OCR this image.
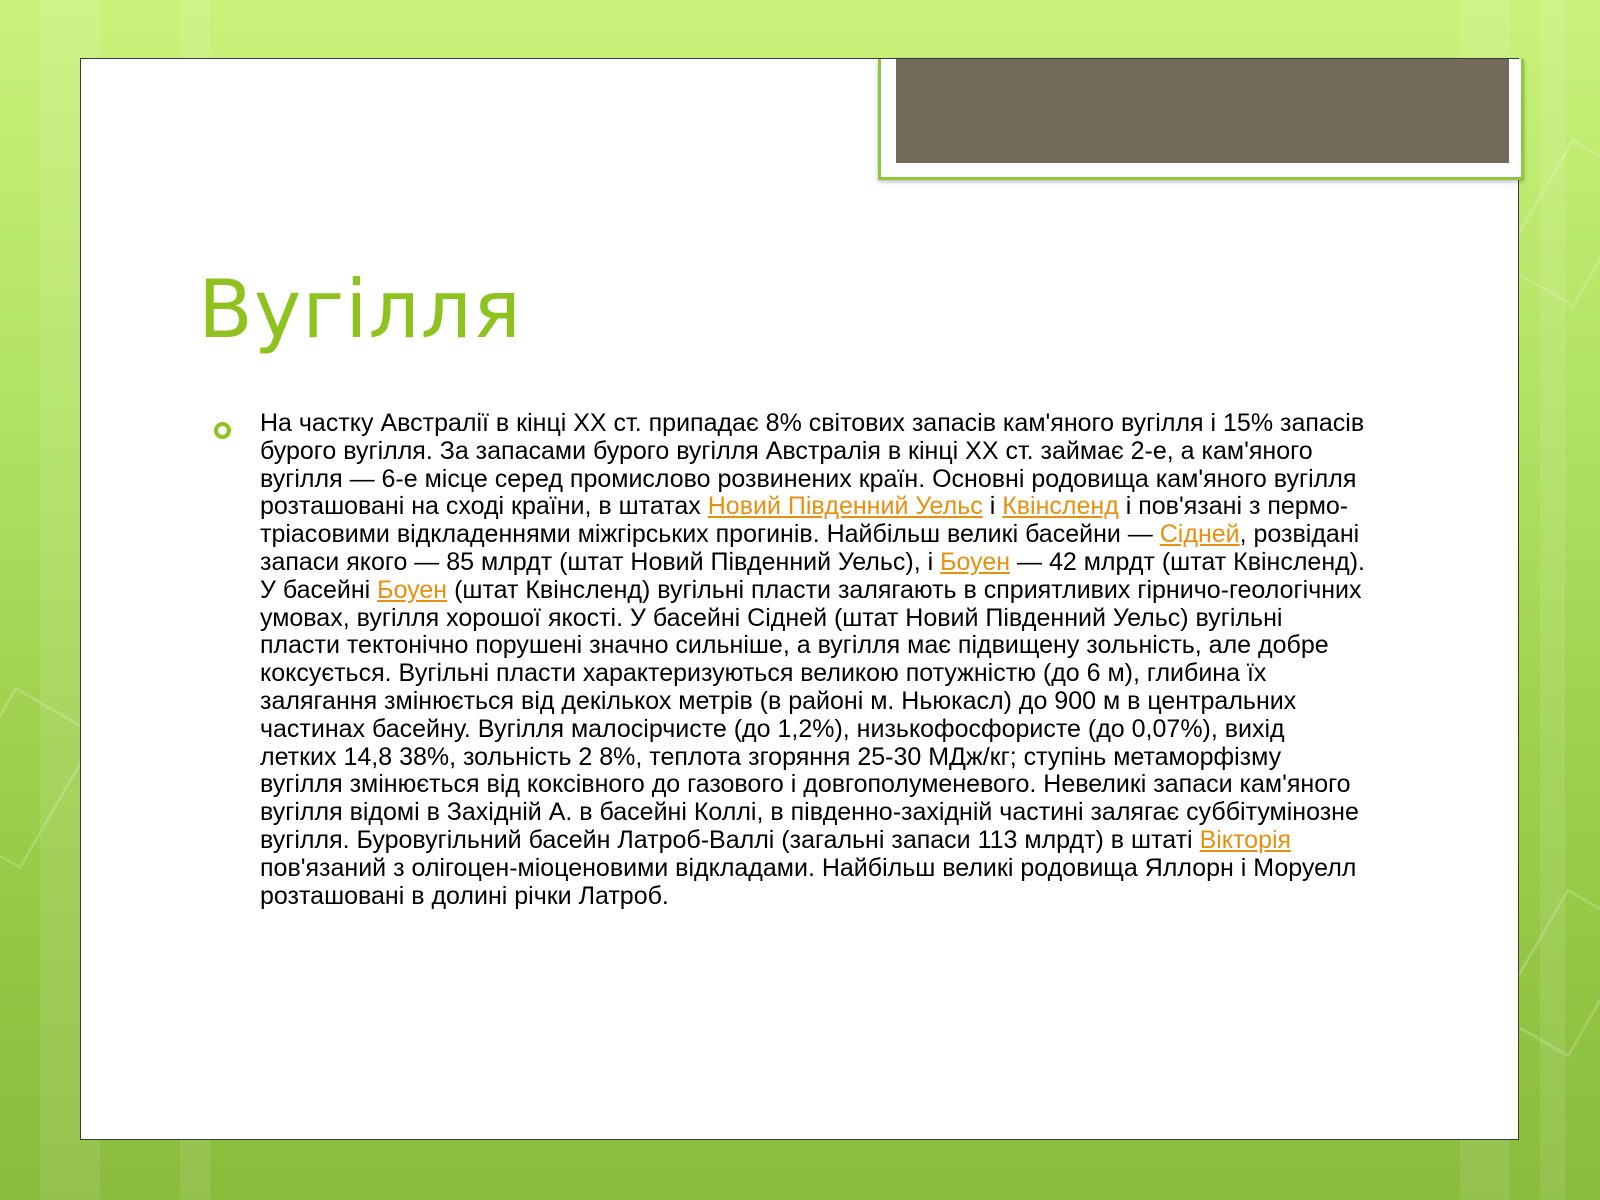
Вугілля

На частку Австралії в кінці XX ст. припадає 8% світових запасів кам'яного вугілля і 15% запасів бурого вугілля. За запасами бурого вугілля Австралія в кінці XX ст. займає 2-е, а кам'яного вугілля — 6-е місце серед промислово розвинених країн. Основні родовища кам'яного вугілля розташовані на сході країни, в штатах Новий Південний Уельс і Квінсленд і пов'язані з пермо-тріасовими відкладеннями міжгірських прогинів. Найбільш великі басейни — Сідней, розвідані запаси якого — 85 млрдт (штат Новий Південний Уельс), і Боуен — 42 млрдт (штат Квінсленд). У басейні Боуен (штат Квінсленд) вугільні пласти залягають в сприятливих гірничо-геологічних умовах, вугілля хорошої якості. У басейні Сідней (штат Новий Південний Уельс) вугільні пласти тектонічно порушені значно сильніше, а вугілля має підвищену зольність, але добре коксується. Вугільні пласти характеризуються великою потужністю (до 6 м), глибина їх залягання змінюється від декількох метрів (в районі м. Ньюкасл) до 900 м в центральних частинах басейну. Вугілля малосірчисте (до 1,2%), низькофосфористе (до 0,07%), вихід летких 14,8 38%, зольність 2 8%, теплота згоряння 25-30 МДж/кг; ступінь метаморфізму вугілля змінюється від коксівного до газового і довгополуменевого. Невеликі запаси кам'яного вугілля відомі в Західній А. в басейні Коллі, в південно-західній частині залягає суббітумінозне вугілля. Буровугільний басейн Латроб-Валлі (загальні запаси 113 млрдт) в штаті Вікторія пов'язаний з олігоцен-міоценовими відкладами. Найбільш великі родовища Яллорн і Моруелл розташовані в долині річки Латроб.
